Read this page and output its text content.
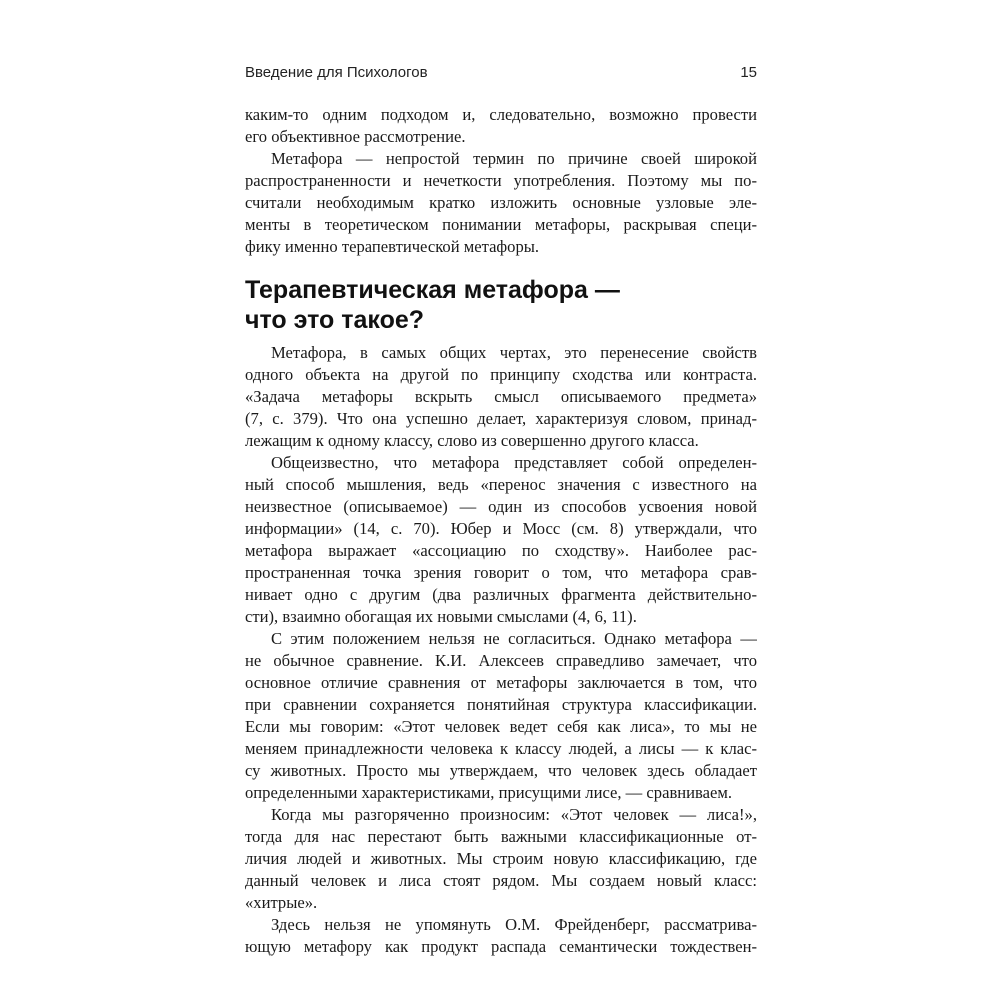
Введение для Психологов	15
каким-то одним подходом и, следовательно, возможно провести
его объективное рассмотрение.
Метафора — непростой термин по причине своей широкой
распространенности и нечеткости употребления. Поэтому мы по-
считали необходимым кратко изложить основные узловые эле-
менты в теоретическом понимании метафоры, раскрывая специ-
фику именно терапевтической метафоры.
Терапевтическая метафора —
что это такое?
Метафора, в самых общих чертах, это перенесение свойств
одного объекта на другой по принципу сходства или контраста.
«Задача метафоры вскрыть смысл описываемого предмета»
(7, с. 379). Что она успешно делает, характеризуя словом, принад-
лежащим к одному классу, слово из совершенно другого класса.
Общеизвестно, что метафора представляет собой определен-
ный способ мышления, ведь «перенос значения с известного на
неизвестное (описываемое) — один из способов усвоения новой
информации» (14, с. 70). Юбер и Мосс (см. 8) утверждали, что
метафора выражает «ассоциацию по сходству». Наиболее рас-
пространенная точка зрения говорит о том, что метафора срав-
нивает одно с другим (два различных фрагмента действительно-
сти), взаимно обогащая их новыми смыслами (4, 6, 11).
С этим положением нельзя не согласиться. Однако метафора —
не обычное сравнение. К.И. Алексеев справедливо замечает, что
основное отличие сравнения от метафоры заключается в том, что
при сравнении сохраняется понятийная структура классификации.
Если мы говорим: «Этот человек ведет себя как лиса», то мы не
меняем принадлежности человека к классу людей, а лисы — к клас-
су животных. Просто мы утверждаем, что человек здесь обладает
определенными характеристиками, присущими лисе, — сравниваем.
Когда мы разгоряченно произносим: «Этот человек — лиса!»,
тогда для нас перестают быть важными классификационные от-
личия людей и животных. Мы строим новую классификацию, где
данный человек и лиса стоят рядом. Мы создаем новый класс:
«хитрые».
Здесь нельзя не упомянуть О.М. Фрейденберг, рассматрива-
ющую метафору как продукт распада семантически тождествен-
